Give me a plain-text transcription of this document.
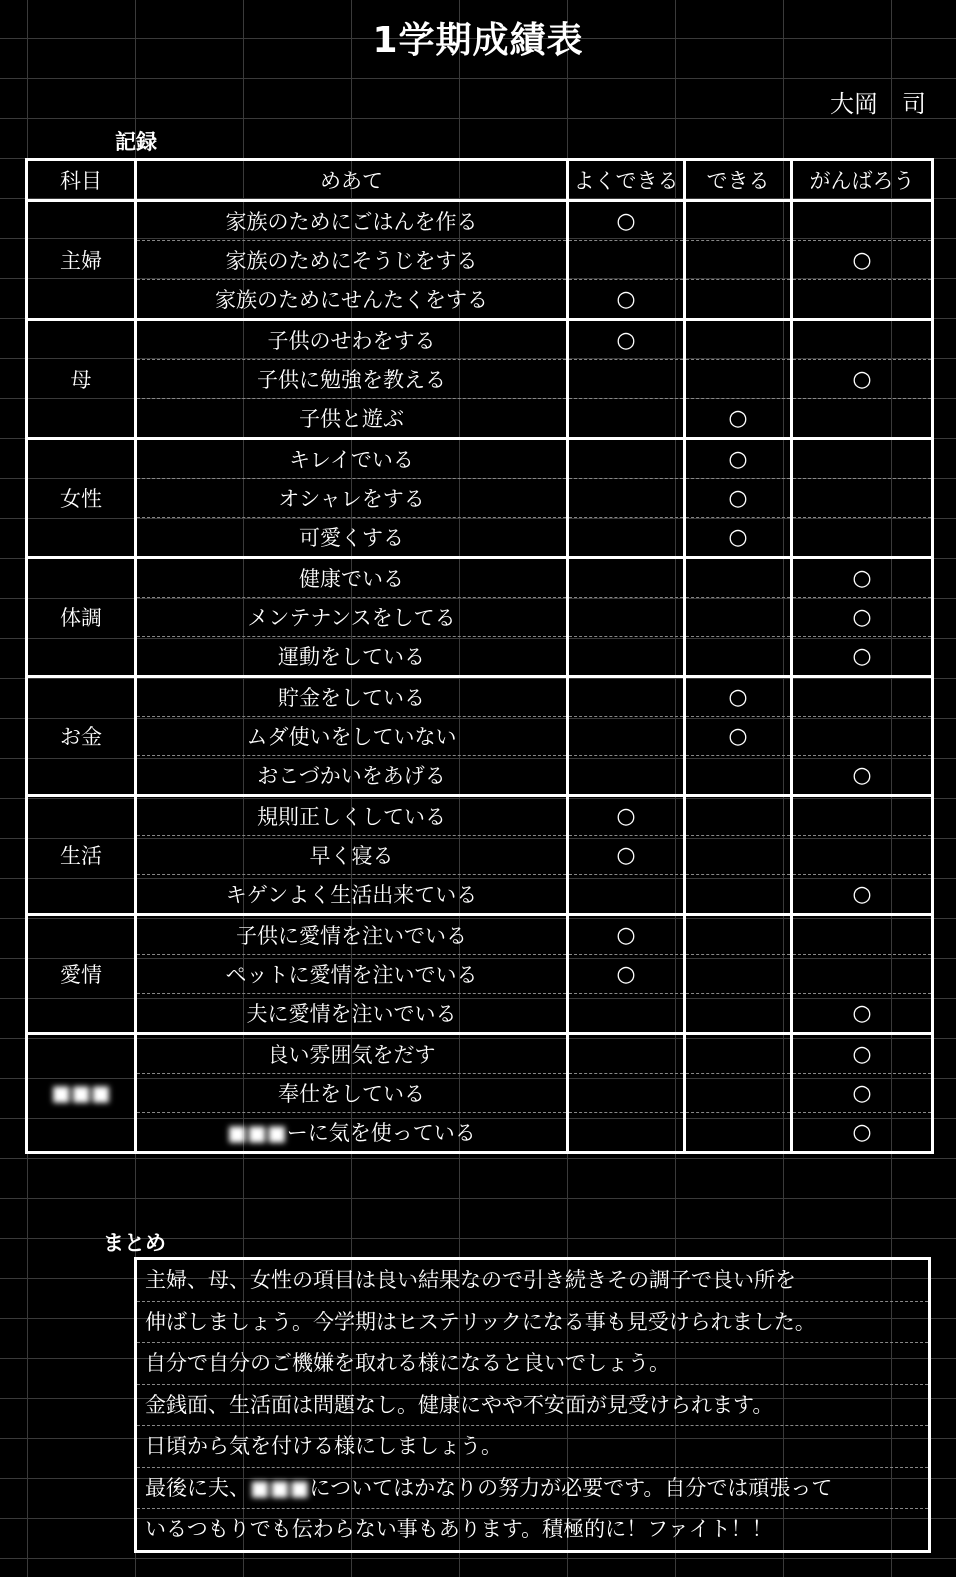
1学期成績表
大岡　司
記録
科目	めあて	よくできる	できる	がんばろう
主婦	家族のためにごはんを作る	○		
	家族のためにそうじをする			○
	家族のためにせんたくをする	○		
母	子供のせわをする	○		
	子供に勉強を教える			○
	子供と遊ぶ		○	
女性	キレイでいる		○	
	オシャレをする		○	
	可愛くする		○	
体調	健康でいる			○
	メンテナンスをしてる			○
	運動をしている			○
お金	貯金をしている		○	
	ムダ使いをしていない		○	
	おこづかいをあげる			○
生活	規則正しくしている	○		
	早く寝る	○		
	キゲンよく生活出来ている			○
愛情	子供に愛情を注いでいる	○		
	ペットに愛情を注いでいる	○		
	夫に愛情を注いでいる			○
■■■	良い雰囲気をだす			○
	奉仕をしている			○
	■■■ーに気を使っている			○
まとめ
主婦、母、女性の項目は良い結果なので引き続きその調子で良い所を
伸ばしましょう。今学期はヒステリックになる事も見受けられました。
自分で自分のご機嫌を取れる様になると良いでしょう。
金銭面、生活面は問題なし。健康にやや不安面が見受けられます。
日頃から気を付ける様にしましょう。
最後に夫、■■■についてはかなりの努力が必要です。自分では頑張って
いるつもりでも伝わらない事もあります。積極的に！ファイト！！
